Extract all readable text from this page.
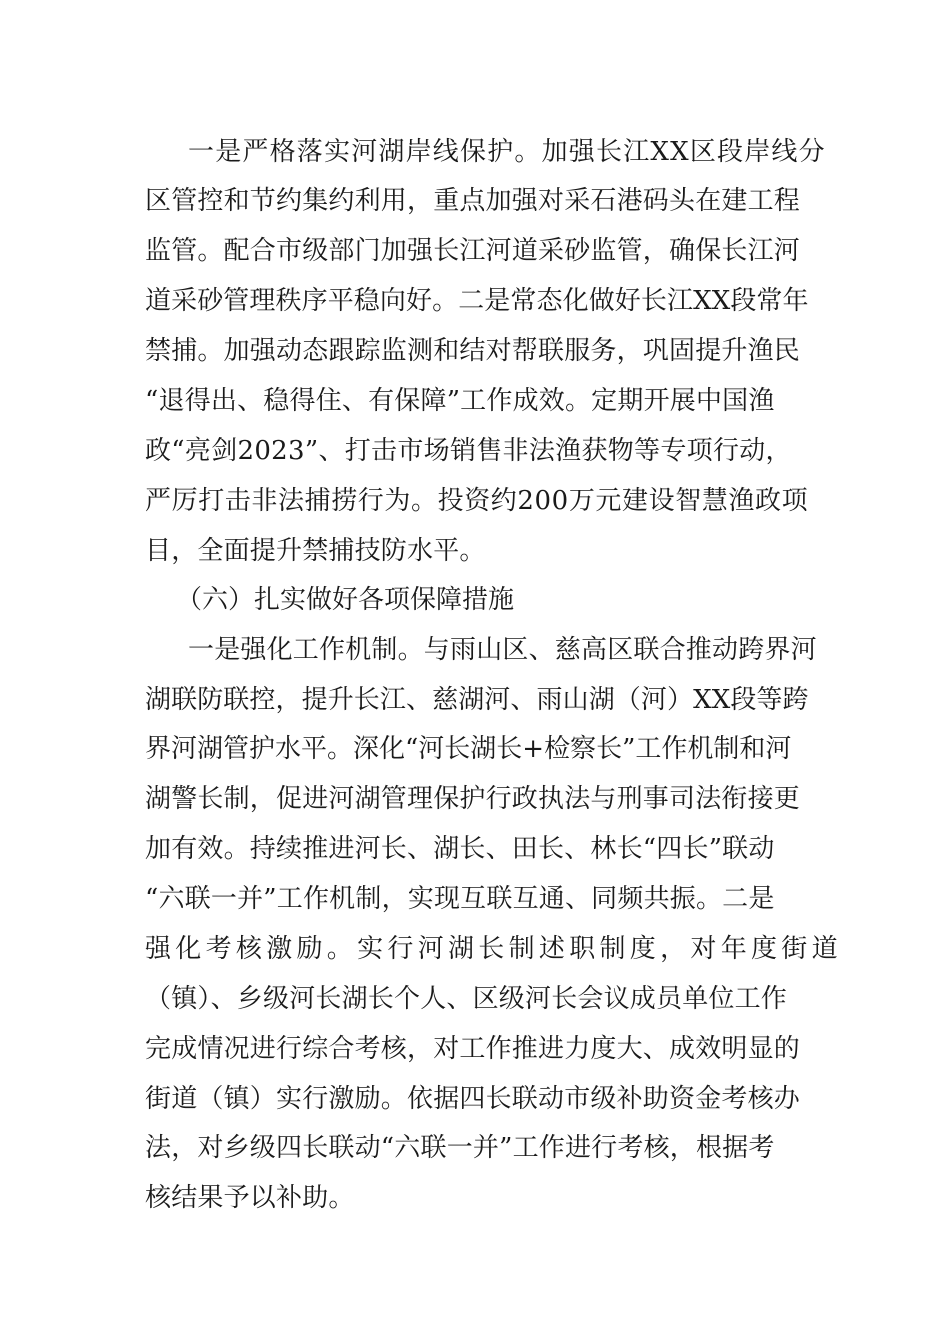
一是严格落实河湖岸线保护。加强长江XX区段岸线分
区管控和节约集约利用，重点加强对采石港码头在建工程
监管。配合市级部门加强长江河道采砂监管，确保长江河
道采砂管理秩序平稳向好。二是常态化做好长江XX段常年
禁捕。加强动态跟踪监测和结对帮联服务，巩固提升渔民
“退得出、稳得住、有保障”工作成效。定期开展中国渔
政“亮剑2023”、打击市场销售非法渔获物等专项行动，
严厉打击非法捕捞行为。投资约200万元建设智慧渔政项
目，全面提升禁捕技防水平。
（六）扎实做好各项保障措施
一是强化工作机制。与雨山区、慈高区联合推动跨界河
湖联防联控，提升长江、慈湖河、雨山湖（河）XX段等跨
界河湖管护水平。深化“河长湖长+检察长”工作机制和河
湖警长制，促进河湖管理保护行政执法与刑事司法衔接更
加有效。持续推进河长、湖长、田长、林长“四长”联动
“六联一并”工作机制，实现互联互通、同频共振。二是
强化考核激励。实行河湖长制述职制度，对年度街道
（镇）、乡级河长湖长个人、区级河长会议成员单位工作
完成情况进行综合考核，对工作推进力度大、成效明显的
街道（镇）实行激励。依据四长联动市级补助资金考核办
法，对乡级四长联动“六联一并”工作进行考核，根据考
核结果予以补助。
